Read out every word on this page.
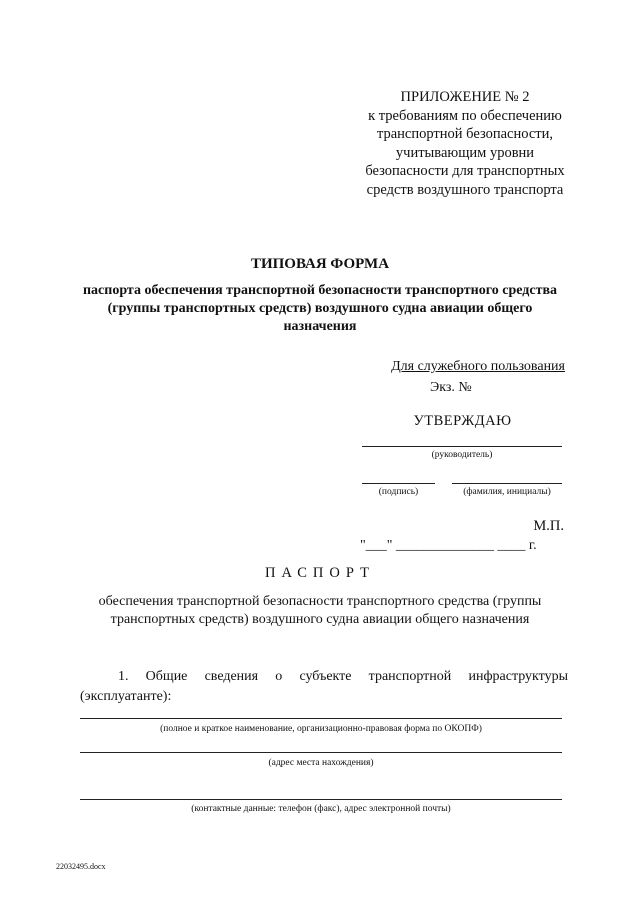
ПРИЛОЖЕНИЕ № 2
к требованиям по обеспечению
транспортной безопасности,
учитывающим уровни
безопасности для транспортных
средств воздушного транспорта
ТИПОВАЯ ФОРМА
паспорта обеспечения транспортной безопасности транспортного средства (группы транспортных средств) воздушного судна авиации общего назначения
Для служебного пользования
Экз. №
УТВЕРЖДАЮ
(руководитель)
(подпись)	(фамилия, инициалы)
М.П.
"___" ______________ ____ г.
ПАСПОРТ
обеспечения транспортной безопасности транспортного средства (группы транспортных средств) воздушного судна авиации общего назначения
1. Общие сведения о субъекте транспортной инфраструктуры (эксплуатанте):
(полное и краткое наименование, организационно-правовая форма по ОКОПФ)
(адрес места нахождения)
(контактные данные: телефон (факс), адрес электронной почты)
22032495.docx
